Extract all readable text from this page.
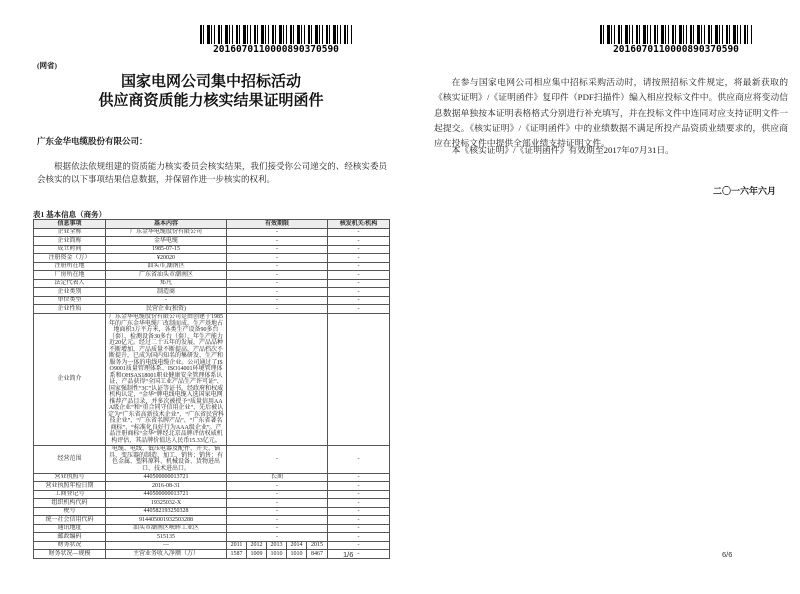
2016070110000890370590
(网省)
国家电网公司集中招标活动
供应商资质能力核实结果证明函件
广东金华电缆股份有限公司：
根据依法依规组建的资质能力核实委员会核实结果，我们接受你公司递交的、经核实委员会核实的以下事项结果信息数据，并保留作进一步核实的权利。
表1 基本信息（商务）
信息事项	基本内容	有效期限					核发机关/机构
企业全称	广东金华电缆股份有限公司	-					-
企业简称	金华电缆	-					-
成立时间	1985-07-15	-					-
注册资金（万）	¥20020	-					-
注册所在地	汕头市,潮南区	-					-
厂房所在地	广东省汕头市潮南区	-					-
法定代表人	郑凡	-					-
企业类别	制造商	-					-
单位类型	-	-					-
企业性质	民营企业(独资)	-					-
企业简介	广东金华电缆股份有限公司是由创建于1985年的广东金华电缆厂改制而成，生产基地占地面积3万平方米，各类生产设备90多台（套）、检测设备30多台（套），年生产能力近20亿元。经过二十五年的发展，产品品种不断增加，产品质量不断提高，产品档次不断提升，已成为国内知名的集研发、生产和服务为一体的电线电缆企业。公司通过了ISO9001质量管理体系、ISO14001环境管理体系和OHSAS18001职业健康安全管理体系认证，产品获得“全国工业产品生产许可证”、国家强制性“3C”认证等证书。经政府和权威机构认定，“金华”牌电线电缆入选国家电网推荐产品目录，并多次被授予“质量信用AAA级企业”和“重合同守信用企业”，先后被认定为“广东省高新技术企业”、“广东省民营科技企业”、“广东省名牌产品”、“广东省著名商标”、“标准化良好行为AAA级企业”。产品注册商标“金华”牌经北京品牌评估权威机构评估，其品牌价值达人民币15.33亿元。						
经营范围	电缆、电线、低压电器及配件、开关、锚具、变压器的制造、加工、销售；销售：有色金属、塑料原料、机械设备、货物进出口、技术进出口。	-					-
营业执照号	440500000013721	长期					-
营业执照年检日期	2016-08-31	-					-
工商登记号	440500000013721	-					-
组织机构代码	19325032-X	-					-
税号	440582193250328	-					-
统一社会信用代码	914405001932503288	-					-
通讯地址	汕头市潮南区峡晖工业区	-					-
邮政编码	515135	-					-
财务状况	—	2011	2012	2013	2014	2015	-
财务状况—规模	主营业务收入净额（万）	1587	1009	1010	1010	8467	-
2016070110000890370590
在参与国家电网公司相应集中招标采购活动时，请按照招标文件规定，将最新获取的《核实证明》/《证明函件》复印件（PDF扫描件）编入相应投标文件中。供应商应将变动信息数据单独按本证明表格格式分别进行补充填写，并在投标文件中连同对应支持证明文件一起提交。《核实证明》/《证明函件》中的业绩数据不满足所投产品资质业绩要求的，供应商应在投标文件中提供全部业绩支持证明文件。
本《核实证明》/《证明函件》有效期至2017年07月31日。
二〇一六年六月
1/6	6/6
